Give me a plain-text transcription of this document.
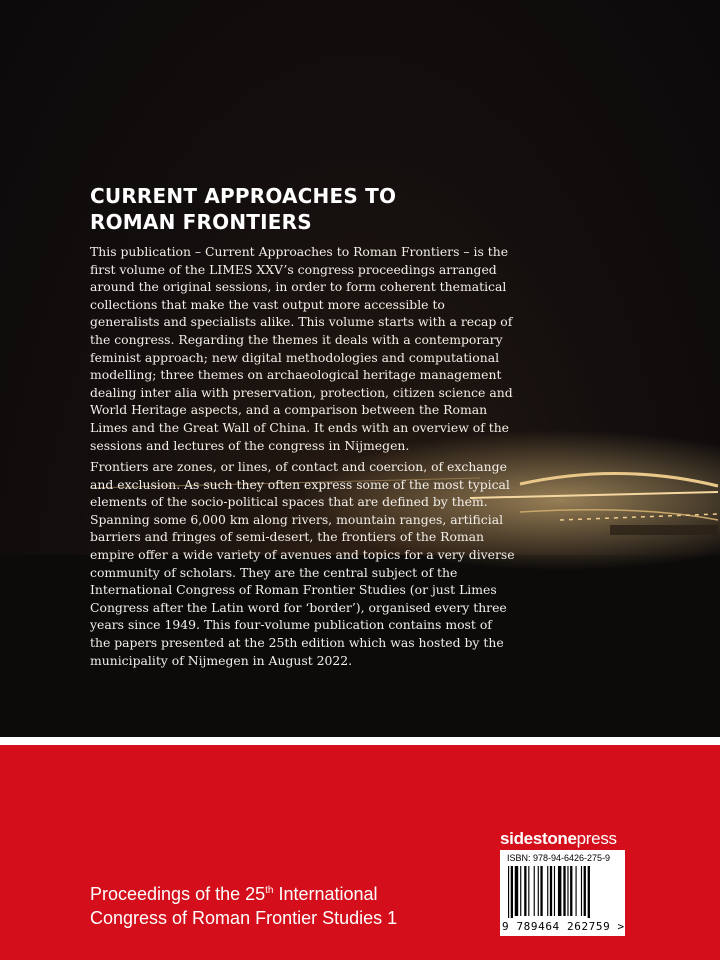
CURRENT APPROACHES TO
ROMAN FRONTIERS

This publication – Current Approaches to Roman Frontiers – is the first volume of the LIMES XXV’s congress proceedings arranged around the original sessions, in order to form coherent thematical collections that make the vast output more accessible to generalists and specialists alike. This volume starts with a recap of the congress. Regarding the themes it deals with a contemporary feminist approach; new digital methodologies and computational modelling; three themes on archaeological heritage management dealing inter alia with preservation, protection, citizen science and World Heritage aspects, and a comparison between the Roman Limes and the Great Wall of China. It ends with an overview of the sessions and lectures of the congress in Nijmegen.

Frontiers are zones, or lines, of contact and coercion, of exchange and exclusion. As such they often express some of the most typical elements of the socio-political spaces that are defined by them. Spanning some 6,000 km along rivers, mountain ranges, artificial barriers and fringes of semi-desert, the frontiers of the Roman empire offer a wide variety of avenues and topics for a very diverse community of scholars. They are the central subject of the International Congress of Roman Frontier Studies (or just Limes Congress after the Latin word for ‘border’), organised every three years since 1949. This four-volume publication contains most of the papers presented at the 25th edition which was hosted by the municipality of Nijmegen in August 2022.

sidestonepress

ISBN: 978-94-6426-275-9

9 789464 262759 >

Proceedings of the 25th International
Congress of Roman Frontier Studies 1
